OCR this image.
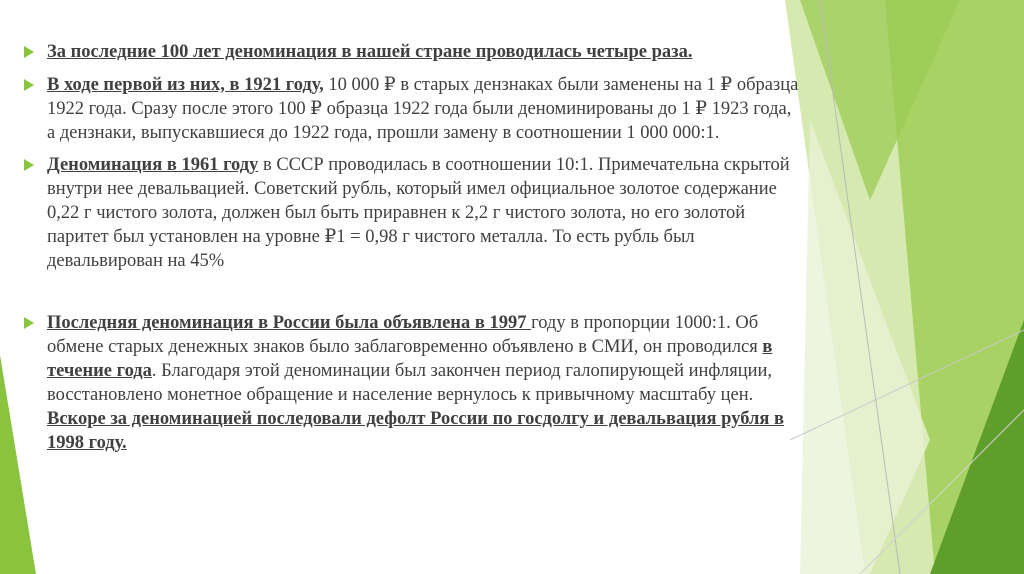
За последние 100 лет деноминация в нашей стране проводилась четыре раза.
В ходе первой из них, в 1921 году, 10 000 ₽ в старых дензнаках были заменены на 1 ₽ образца 1922 года. Сразу после этого 100 ₽ образца 1922 года были деноминированы до 1 ₽ 1923 года, а дензнаки, выпускавшиеся до 1922 года, прошли замену в соотношении 1 000 000:1.
Деноминация в 1961 году в СССР проводилась в соотношении 10:1. Примечательна скрытой внутри нее девальвацией. Советский рубль, который имел официальное золотое содержание 0,22 г чистого золота, должен был быть приравнен к 2,2 г чистого золота, но его золотой паритет был установлен на уровне ₽1 = 0,98 г чистого металла. То есть рубль был девальвирован на 45%
Последняя деноминация в России была объявлена в 1997 году в пропорции 1000:1. Об обмене старых денежных знаков было заблаговременно объявлено в СМИ, он проводился в течение года. Благодаря этой деноминации был закончен период галопирующей инфляции, восстановлено монетное обращение и население вернулось к привычному масштабу цен. Вскоре за деноминацией последовали дефолт России по госдолгу и девальвация рубля в 1998 году.
